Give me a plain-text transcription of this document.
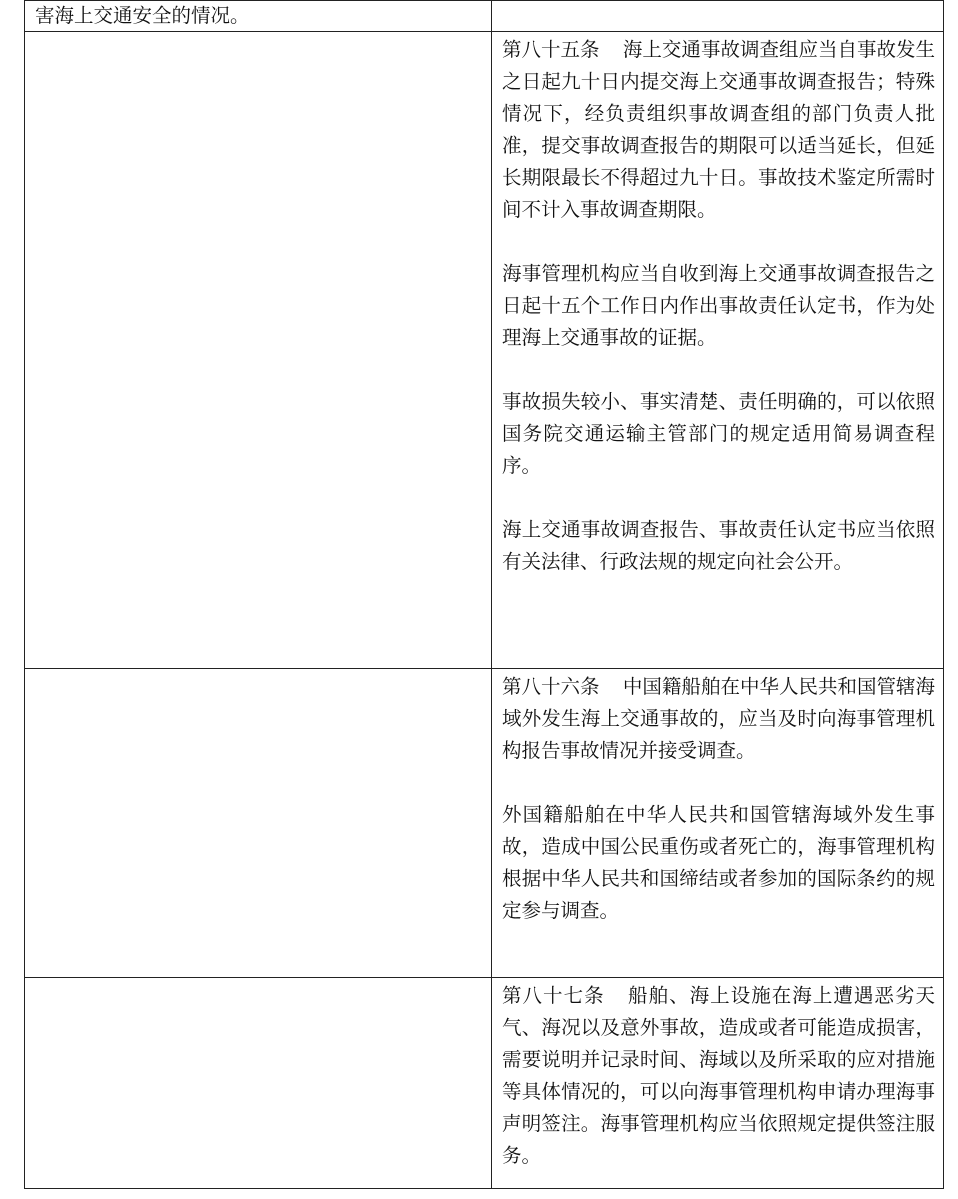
害海上交通安全的情况。	

	第八十五条 海上交通事故调查组应当自事故发生之日起九十日内提交海上交通事故调查报告；特殊情况下，经负责组织事故调查组的部门负责人批准，提交事故调查报告的期限可以适当延长，但延长期限最长不得超过九十日。事故技术鉴定所需时间不计入事故调查期限。

海事管理机构应当自收到海上交通事故调查报告之日起十五个工作日内作出事故责任认定书，作为处理海上交通事故的证据。

事故损失较小、事实清楚、责任明确的，可以依照国务院交通运输主管部门的规定适用简易调查程序。

海上交通事故调查报告、事故责任认定书应当依照有关法律、行政法规的规定向社会公开。

	第八十六条 中国籍船舶在中华人民共和国管辖海域外发生海上交通事故的，应当及时向海事管理机构报告事故情况并接受调查。

外国籍船舶在中华人民共和国管辖海域外发生事故，造成中国公民重伤或者死亡的，海事管理机构根据中华人民共和国缔结或者参加的国际条约的规定参与调查。

	第八十七条 船舶、海上设施在海上遭遇恶劣天气、海况以及意外事故，造成或者可能造成损害，需要说明并记录时间、海域以及所采取的应对措施等具体情况的，可以向海事管理机构申请办理海事声明签注。海事管理机构应当依照规定提供签注服务。
